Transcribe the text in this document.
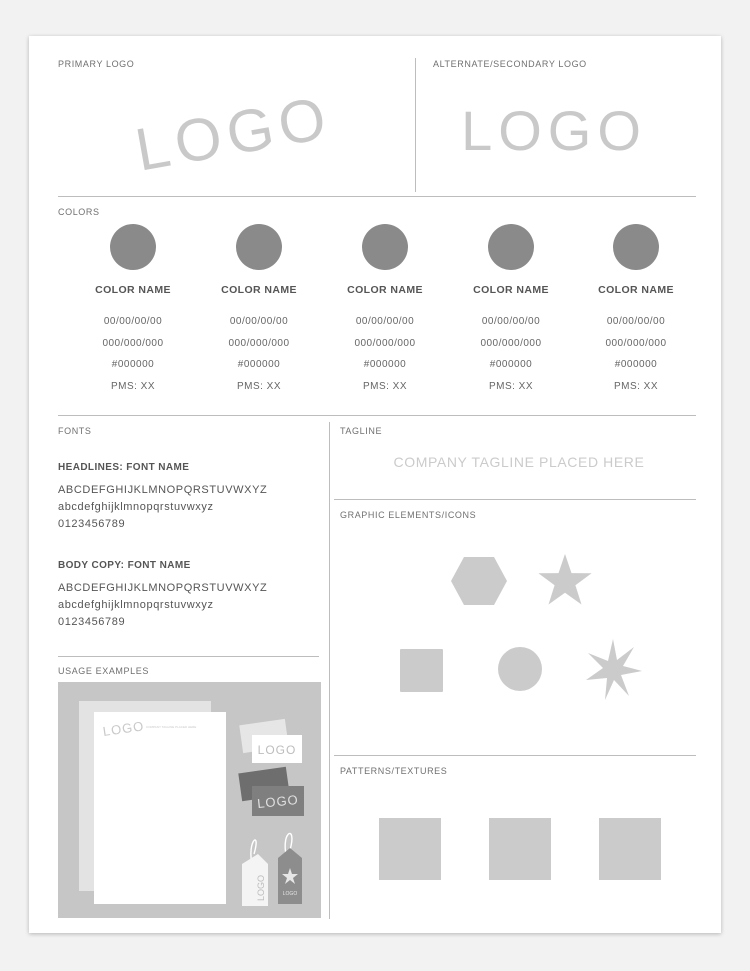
PRIMARY LOGO
LOGO
ALTERNATE/SECONDARY LOGO
LOGO
COLORS
COLOR NAME
00/00/00/00
000/000/000
#000000
PMS: XX
COLOR NAME
00/00/00/00
000/000/000
#000000
PMS: XX
COLOR NAME
00/00/00/00
000/000/000
#000000
PMS: XX
COLOR NAME
00/00/00/00
000/000/000
#000000
PMS: XX
COLOR NAME
00/00/00/00
000/000/000
#000000
PMS: XX
FONTS
HEADLINES: FONT NAME
ABCDEFGHIJKLMNOPQRSTUVWXYZ
abcdefghijklmnopqrstuvwxyz
0123456789
BODY COPY: FONT NAME
ABCDEFGHIJKLMNOPQRSTUVWXYZ
abcdefghijklmnopqrstuvwxyz
0123456789
USAGE EXAMPLES
LOGO COMPANY TAGLINE PLACED HERE
LOGO
LOGO
LOGO	LOGO
TAGLINE
COMPANY TAGLINE PLACED HERE
GRAPHIC ELEMENTS/ICONS
PATTERNS/TEXTURES
